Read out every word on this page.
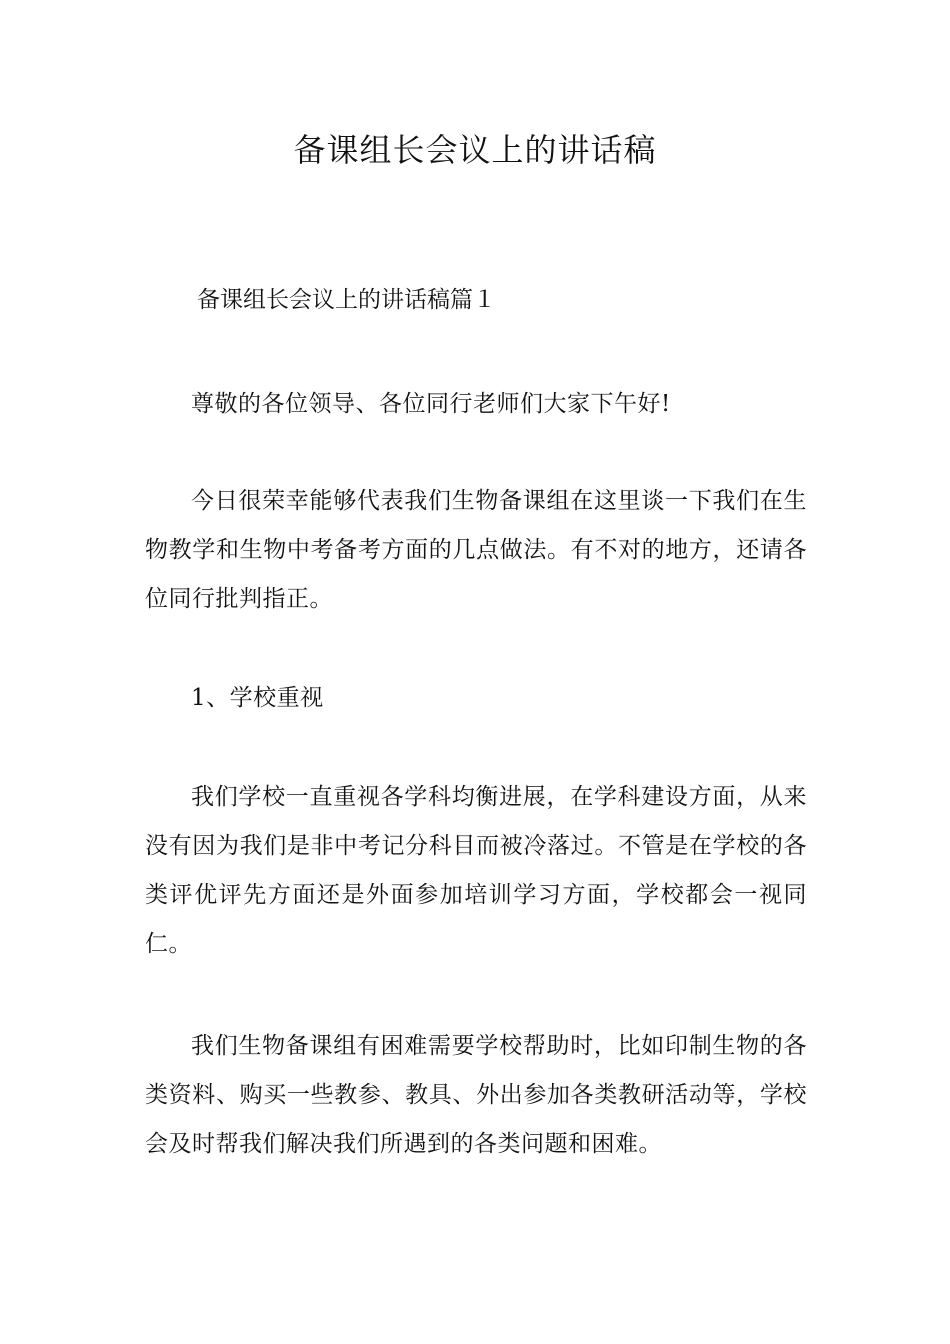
备课组长会议上的讲话稿

备课组长会议上的讲话稿篇１

尊敬的各位领导、各位同行老师们大家下午好!

今日很荣幸能够代表我们生物备课组在这里谈一下我们在生物教学和生物中考备考方面的几点做法。有不对的地方，还请各位同行批判指正。

1、学校重视

我们学校一直重视各学科均衡进展，在学科建设方面，从来没有因为我们是非中考记分科目而被冷落过。不管是在学校的各类评优评先方面还是外面参加培训学习方面，学校都会一视同仁。

我们生物备课组有困难需要学校帮助时，比如印制生物的各类资料、购买一些教参、教具、外出参加各类教研活动等，学校会及时帮我们解决我们所遇到的各类问题和困难。
